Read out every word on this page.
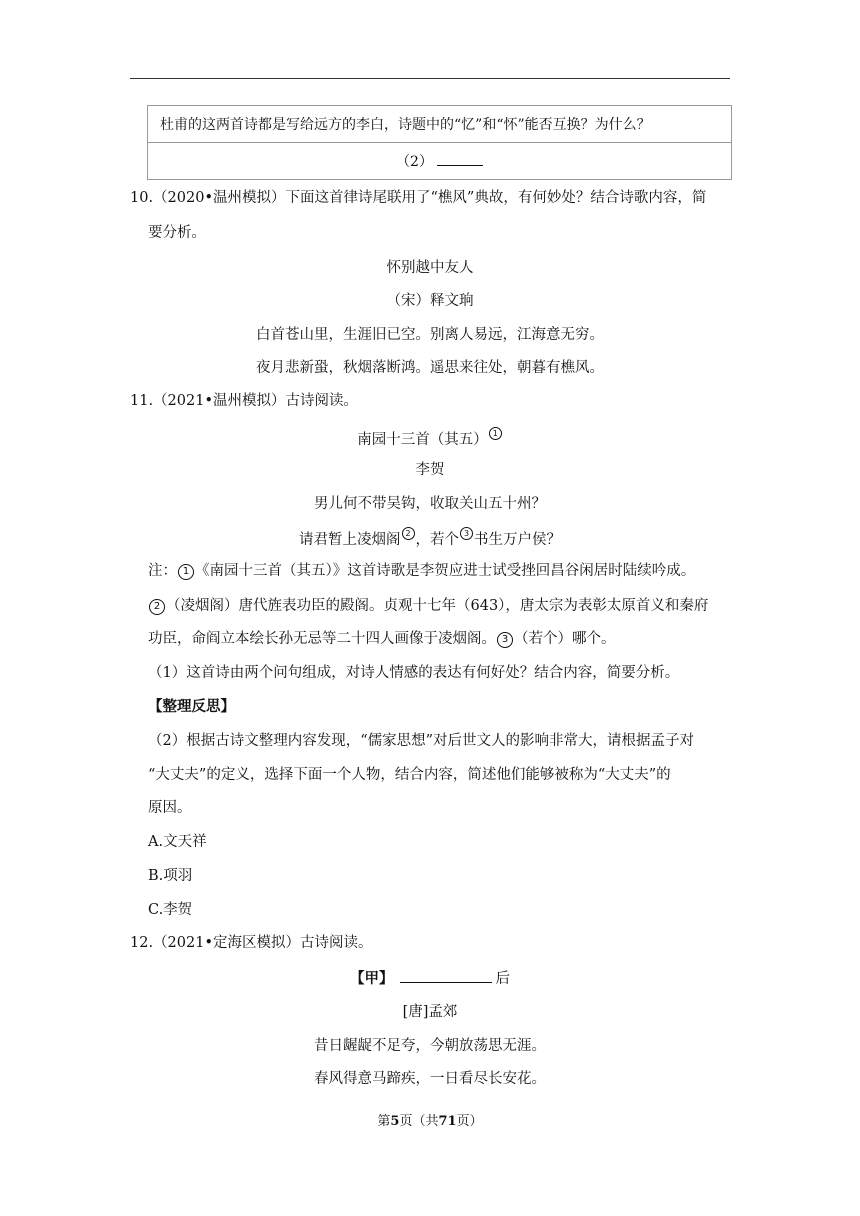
杜甫的这两首诗都是写给远方的李白，诗题中的“忆”和“怀”能否互换？为什么？
（2）
10.（2020•温州模拟）下面这首律诗尾联用了“樵风”典故，有何妙处？结合诗歌内容，简
要分析。
怀别越中友人
（宋）释文珦
白首苍山里，生涯旧已空。别离人易远，江海意无穷。
夜月悲新蛩，秋烟落断鸿。遥思来往处，朝暮有樵风。
11.（2021•温州模拟）古诗阅读。
南园十三首（其五） 1
李贺
男儿何不带吴钩，收取关山五十州？
请君暂上凌烟阁 2 ，若个 3 书生万户侯？
注： 1 《南园十三首（其五）》这首诗歌是李贺应进士试受挫回昌谷闲居时陆续吟成。
2 （凌烟阁）唐代旌表功臣的殿阁。贞观十七年（643），唐太宗为表彰太原首义和秦府
功臣，命阎立本绘长孙无忌等二十四人画像于凌烟阁。 3 （若个）哪个。
（1）这首诗由两个问句组成，对诗人情感的表达有何好处？结合内容，简要分析。
【整理反思】
（2）根据古诗文整理内容发现，“儒家思想”对后世文人的影响非常大，请根据孟子对
“大丈夫”的定义，选择下面一个人物，结合内容，简述他们能够被称为“大丈夫”的
原因。
A.文天祥
B.项羽
C.李贺
12.（2021•定海区模拟）古诗阅读。
【甲】	后
[唐]孟郊
昔日龌龊不足夸，今朝放荡思无涯。
春风得意马蹄疾，一日看尽长安花。
第5页（共71页）
